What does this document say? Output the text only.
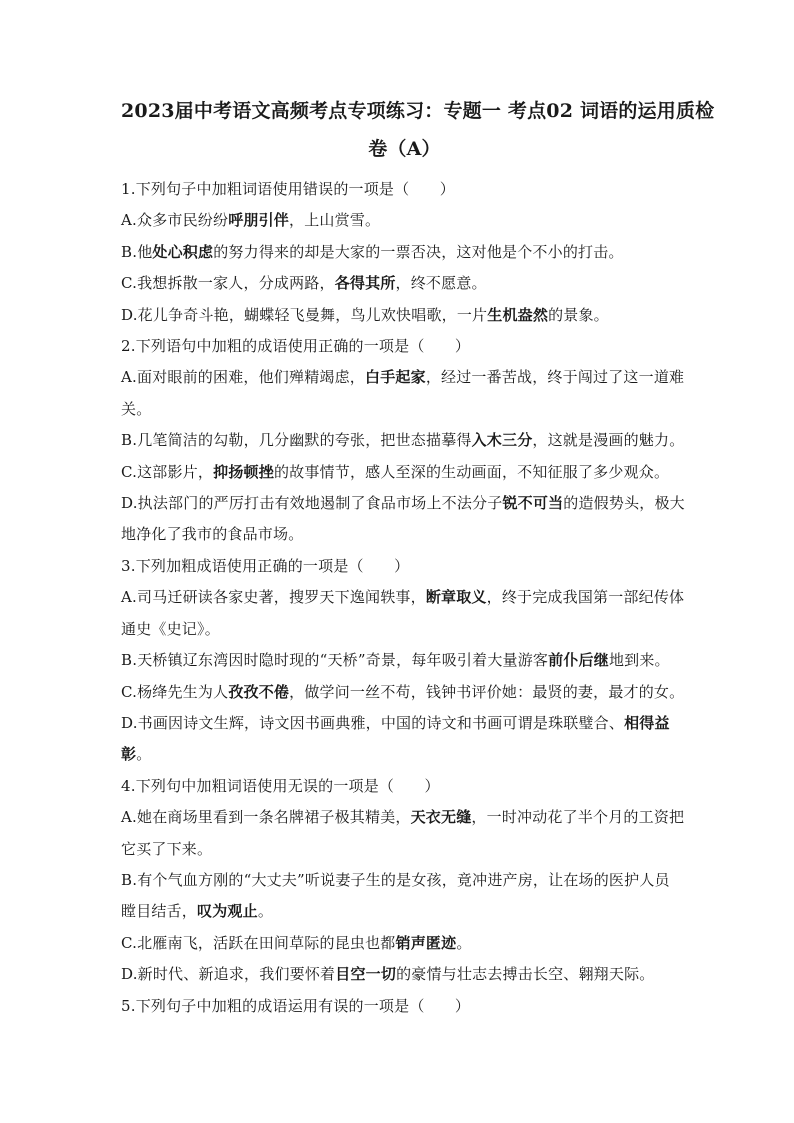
2023届中考语文高频考点专项练习：专题一 考点02 词语的运用质检
卷（A）
1.下列句子中加粗词语使用错误的一项是（　　）
A.众多市民纷纷呼朋引伴，上山赏雪。
B.他处心积虑的努力得来的却是大家的一票否决，这对他是个不小的打击。
C.我想拆散一家人，分成两路，各得其所，终不愿意。
D.花儿争奇斗艳，蝴蝶轻飞曼舞，鸟儿欢快唱歌，一片生机盎然的景象。
2.下列语句中加粗的成语使用正确的一项是（　　）
A.面对眼前的困难，他们殚精竭虑，白手起家，经过一番苦战，终于闯过了这一道难
关。
B.几笔简洁的勾勒，几分幽默的夸张，把世态描摹得入木三分，这就是漫画的魅力。
C.这部影片，抑扬顿挫的故事情节，感人至深的生动画面，不知征服了多少观众。
D.执法部门的严厉打击有效地遏制了食品市场上不法分子锐不可当的造假势头，极大
地净化了我市的食品市场。
3.下列加粗成语使用正确的一项是（　　）
A.司马迁研读各家史著，搜罗天下逸闻轶事，断章取义，终于完成我国第一部纪传体
通史《史记》。
B.天桥镇辽东湾因时隐时现的“天桥”奇景，每年吸引着大量游客前仆后继地到来。
C.杨绛先生为人孜孜不倦，做学问一丝不苟，钱钟书评价她：最贤的妻，最才的女。
D.书画因诗文生辉，诗文因书画典雅，中国的诗文和书画可谓是珠联璧合、相得益
彰。
4.下列句中加粗词语使用无误的一项是（　　）
A.她在商场里看到一条名牌裙子极其精美，天衣无缝，一时冲动花了半个月的工资把
它买了下来。
B.有个气血方刚的“大丈夫”听说妻子生的是女孩，竟冲进产房，让在场的医护人员
瞠目结舌，叹为观止。
C.北雁南飞，活跃在田间草际的昆虫也都销声匿迹。
D.新时代、新追求，我们要怀着目空一切的豪情与壮志去搏击长空、翱翔天际。
5.下列句子中加粗的成语运用有误的一项是（　　）
